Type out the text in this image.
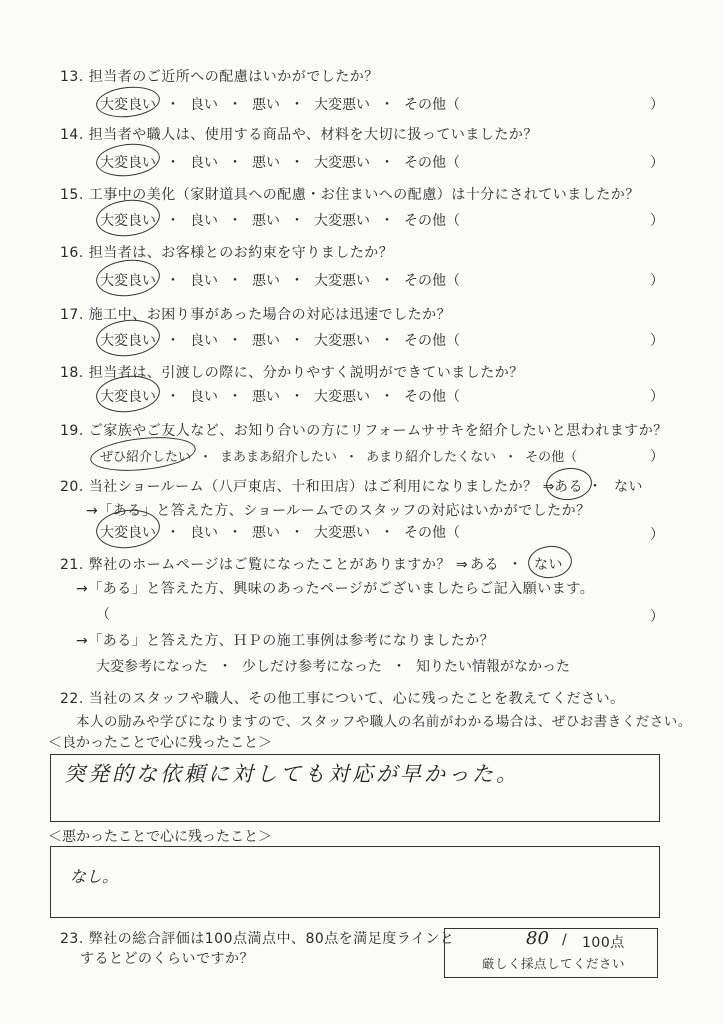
13. 担当者のご近所への配慮はいかがでしたか？
大変良い ・ 良い ・ 悪い ・ 大変悪い ・ その他（	）
14. 担当者や職人は、使用する商品や、材料を大切に扱っていましたか？
大変良い ・ 良い ・ 悪い ・ 大変悪い ・ その他（	）
15. 工事中の美化（家財道具への配慮・お住まいへの配慮）は十分にされていましたか？
大変良い ・ 良い ・ 悪い ・ 大変悪い ・ その他（	）
16. 担当者は、お客様とのお約束を守りましたか？
大変良い ・ 良い ・ 悪い ・ 大変悪い ・ その他（	）
17. 施工中、お困り事があった場合の対応は迅速でしたか？
大変良い ・ 良い ・ 悪い ・ 大変悪い ・ その他（	）
18. 担当者は、引渡しの際に、分かりやすく説明ができていましたか？
大変良い ・ 良い ・ 悪い ・ 大変悪い ・ その他（	）
19. ご家族やご友人など、お知り合いの方にリフォームササキを紹介したいと思われますか？
ぜひ紹介したい ・ まあまあ紹介したい ・ あまり紹介したくない ・ その他（	）
20. 当社ショールーム（八戸東店、十和田店）はご利用になりましたか？ ⇒ ある ・ ない
→「ある」と答えた方、ショールームでのスタッフの対応はいかがでしたか？
大変良い ・ 良い ・ 悪い ・ 大変悪い ・ その他（	）
21. 弊社のホームページはご覧になったことがありますか？ ⇒ ある ・ ない
→「ある」と答えた方、興味のあったページがございましたらご記入願います。
（	）
→「ある」と答えた方、ＨＰの施工事例は参考になりましたか？
大変参考になった ・ 少しだけ参考になった ・ 知りたい情報がなかった
22. 当社のスタッフや職人、その他工事について、心に残ったことを教えてください。
本人の励みや学びになりますので、スタッフや職人の名前がわかる場合は、ぜひお書きください。
＜良かったことで心に残ったこと＞
突発的な依頼に対しても対応が早かった。
＜悪かったことで心に残ったこと＞
なし。
23. 弊社の総合評価は100点満点中、80点を満足度ラインと
するとどのくらいですか？
80 / 100点
厳しく採点してください
